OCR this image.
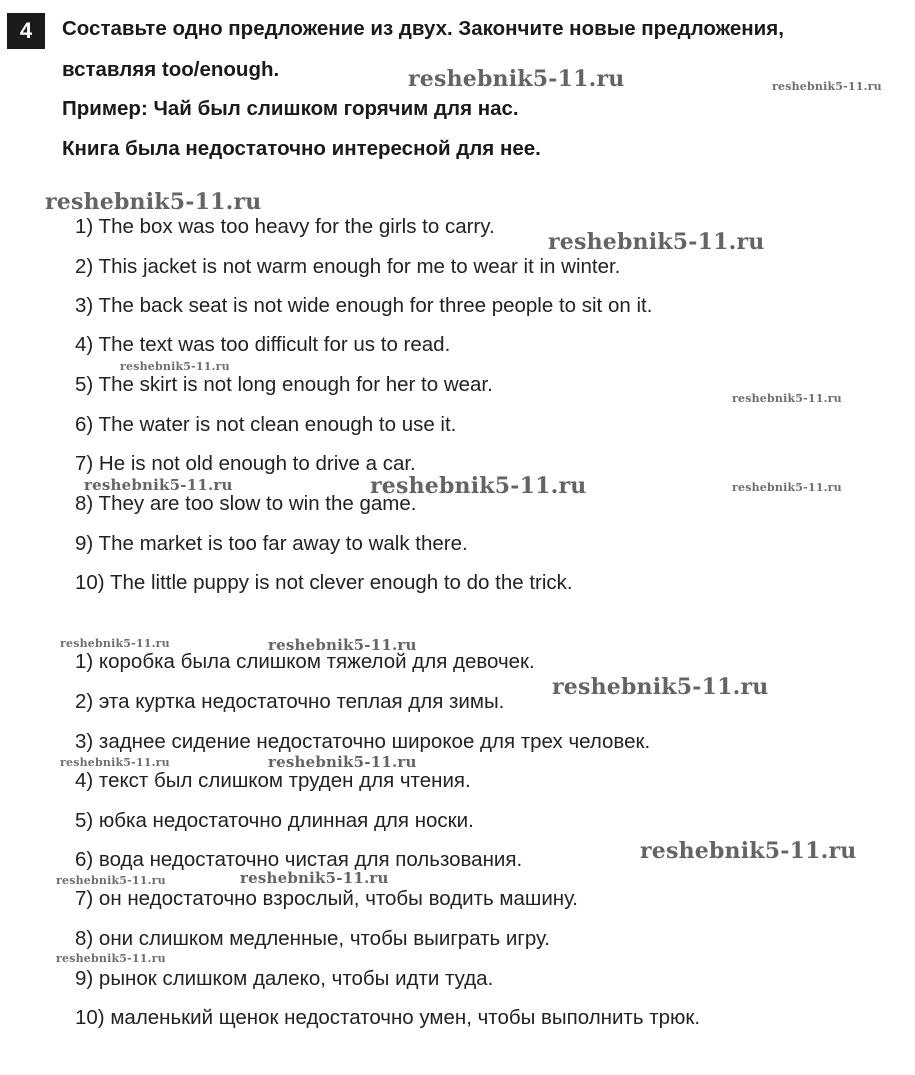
4	Составьте одно предложение из двух. Закончите новые предложения,
вставляя too/enough.
Пример: Чай был слишком горячим для нас.
Книга была недостаточно интересной для нее.
1) The box was too heavy for the girls to carry.
2) This jacket is not warm enough for me to wear it in winter.
3) The back seat is not wide enough for three people to sit on it.
4) The text was too difficult for us to read.
5) The skirt is not long enough for her to wear.
6) The water is not clean enough to use it.
7) He is not old enough to drive a car.
8) They are too slow to win the game.
9) The market is too far away to walk there.
10) The little puppy is not clever enough to do the trick.
1) коробка была слишком тяжелой для девочек.
2) эта куртка недостаточно теплая для зимы.
3) заднее сидение недостаточно широкое для трех человек.
4) текст был слишком труден для чтения.
5) юбка недостаточно длинная для носки.
6) вода недостаточно чистая для пользования.
7) он недостаточно взрослый, чтобы водить машину.
8) они слишком медленные, чтобы выиграть игру.
9) рынок слишком далеко, чтобы идти туда.
10) маленький щенок недостаточно умен, чтобы выполнить трюк.
reshebnik5-11.ru	reshebnik5-11.ru
reshebnik5-11.ru
reshebnik5-11.ru
reshebnik5-11.ru
reshebnik5-11.ru
reshebnik5-11.ru	reshebnik5-11.ru	reshebnik5-11.ru
reshebnik5-11.ru	reshebnik5-11.ru
reshebnik5-11.ru
reshebnik5-11.ru	reshebnik5-11.ru
reshebnik5-11.ru
reshebnik5-11.ru	reshebnik5-11.ru
reshebnik5-11.ru
